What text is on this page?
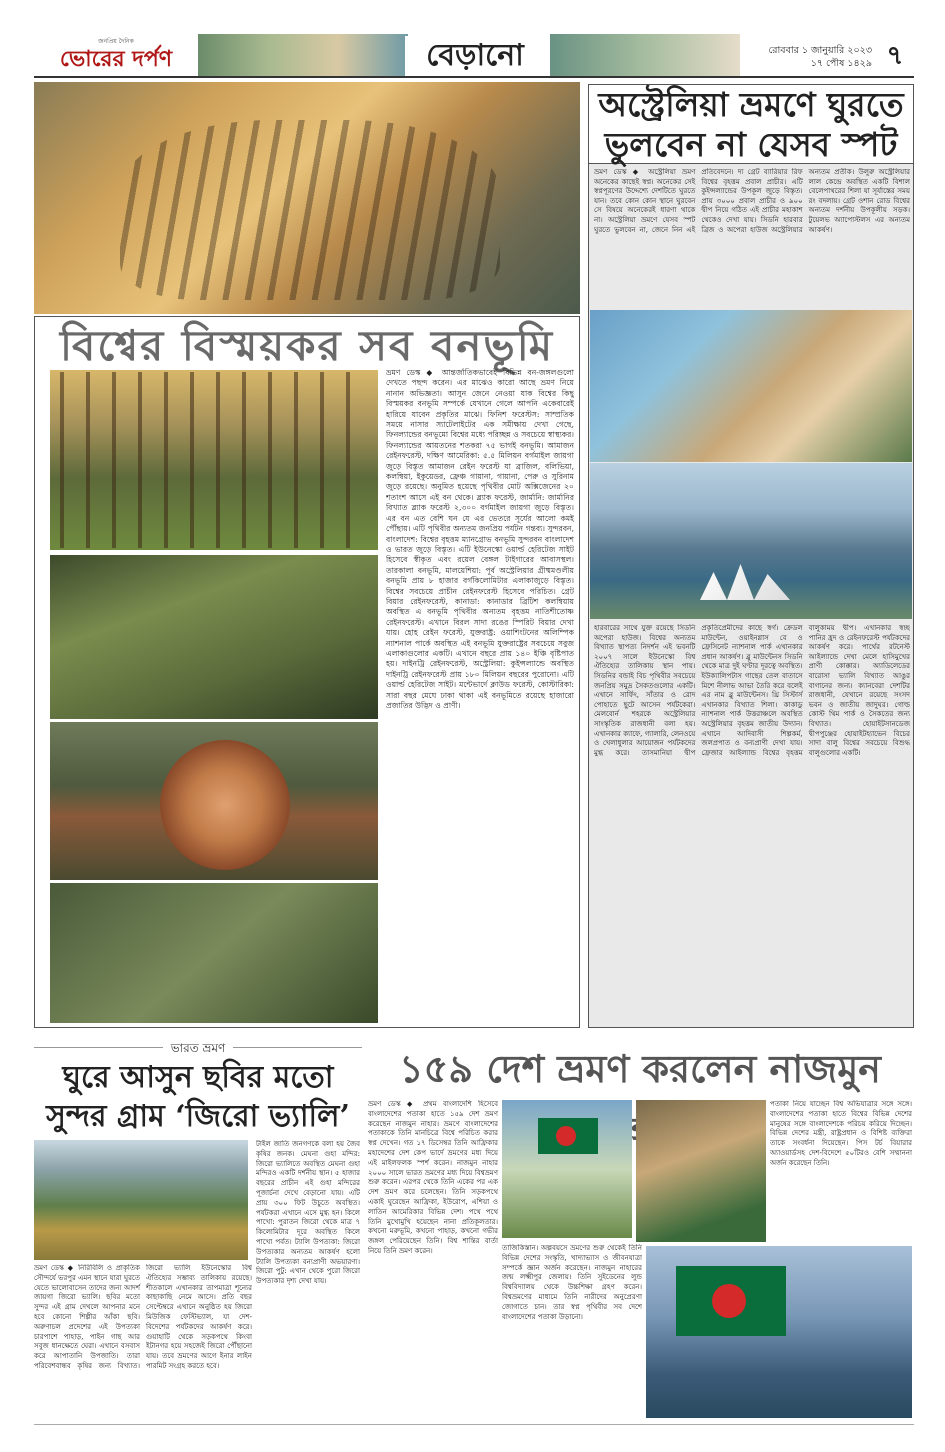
জনপ্রিয় দৈনিক
ভোরের দর্পণ	বেড়ানো	রোববার ১ জানুয়ারি ২০২৩
১৭ পৌষ ১৪২৯ ৭
বিশ্বের বিস্ময়কর সব বনভূমি
ভ্রমণ ডেস্ক ◆ আন্তর্জাতিকভাবেই বিভিন্ন বন-জঙ্গলগুলো দেখতে পছন্দ করেন। এর মাঝেও কারো আছে ভ্রমণ নিয়ে নানান অভিজ্ঞতা। আসুন জেনে নেওয়া যাক বিশ্বের কিছু বিস্ময়কর বনভূমি সম্পর্কে যেখানে গেলে আপনি একেবারেই হারিয়ে যাবেন প্রকৃতির মাঝে। ফিনিশ ফরেস্টস: সাম্প্রতিক সময়ে নাসার স্যাটেলাইটের এক সমীক্ষায় দেখা গেছে, ফিনল্যান্ডের বনভূমো বিশ্বের মধ্যে পরিচ্ছন্ন ও সবচেয়ে স্বাস্থ্যকর। ফিনল্যান্ডের আয়তনের শতকরা ৭৫ ভাগই বনভূমি। আমাজন রেইনফরেস্ট, দক্ষিণ আমেরিকা: ৫.৫ মিলিয়ন বর্গমাইল জায়গা জুড়ে বিস্তৃত আমাজন রেইন ফরেস্ট যা ব্রাজিল, বলিভিয়া, কলম্বিয়া, ইকুয়েডর, ফ্রেঞ্চ গায়ানা, গায়ানা, পেরু ও সুরিনাম জুড়ে রয়েছে। অনুমিত হয়েছে পৃথিবীর মোট অক্সিজেনের ২০ শতাংশ আসে এই বন থেকে। ব্ল্যাক ফরেস্ট, জার্মানি: জার্মানির বিখ্যাত ব্ল্যাক ফরেস্ট ২,৩০০ বর্গমাইল জায়গা জুড়ে বিস্তৃত। এর বন এত বেশি ঘন যে এর ভেতরে সূর্যের আলো কমই পৌঁছায়। এটি পৃথিবীর অন্যতম জনপ্রিয় পর্যটন গন্তব্য। সুন্দরবন, বাংলাদেশ: বিশ্বের বৃহত্তম ম্যানগ্রোভ বনভূমি সুন্দরবন বাংলাদেশ ও ভারত জুড়ে বিস্তৃত। এটি ইউনেস্কো ওয়ার্ল্ড হেরিটেজ সাইট হিসেবে স্বীকৃত এবং রয়েল বেঙ্গল টাইগারের আবাসস্থল। তারকালা বনভূমি, মালয়েশিয়া: পূর্ব অস্ট্রেলিয়ার গ্রীষ্মমণ্ডলীয় বনভূমি প্রায় ৮ হাজার বর্গকিলোমিটার এলাকাজুড়ে বিস্তৃত। বিশ্বের সবচেয়ে প্রাচীন রেইনফরেস্ট হিসেবে পরিচিত। গ্রেট বিয়ার রেইনফরেস্ট, কানাডা: কানাডার ব্রিটিশ কলম্বিয়ায় অবস্থিত এ বনভূমি পৃথিবীর অন্যতম বৃহত্তম নাতিশীতোষ্ণ রেইনফরেস্ট। এখানে বিরল সাদা রঙের স্পিরিট বিয়ার দেখা যায়। হোহ রেইন ফরেস্ট, যুক্তরাষ্ট্র: ওয়াশিংটনের অলিম্পিক ন্যাশনাল পার্কে অবস্থিত এই বনভূমি যুক্তরাষ্ট্রের সবচেয়ে সবুজ এলাকাগুলোর একটি। এখানে বছরে প্রায় ১৪০ ইঞ্চি বৃষ্টিপাত হয়। দাইনট্রি রেইনফরেস্ট, অস্ট্রেলিয়া: কুইন্সল্যান্ডে অবস্থিত দাইনট্রি রেইনফরেস্ট প্রায় ১৮০ মিলিয়ন বছরের পুরোনো। এটি ওয়ার্ল্ড হেরিটেজ সাইট। মন্টেভার্দে ক্লাউড ফরেস্ট, কোস্টারিকা: সারা বছর মেঘে ঢাকা থাকা এই বনভূমিতে রয়েছে হাজারো প্রজাতির উদ্ভিদ ও প্রাণী।
অস্ট্রেলিয়া ভ্রমণে ঘুরতে ভুলবেন না যেসব স্পট
ভ্রমণ ডেস্ক ◆ অস্ট্রেলিয়া ভ্রমণ অনেকের কাছেই স্বপ্ন। অনেকের সেই স্বপ্নপূরণের উদ্দেশ্যে দেশটিতে ঘুরতে যান। তবে কোন কোন স্থানে ঘুরবেন সে বিষয়ে অনেকেরই ধারণা থাকে না। অস্ট্রেলিয়া ভ্রমণে যেসব স্পট ঘুরতে ভুলবেন না, জেনে নিন এই প্রতিবেদনে। দ্য গ্রেট ব্যারিয়ার রিফ বিশ্বের বৃহত্তম প্রবাল প্রাচীর। এটি কুইন্সল্যান্ডের উপকূল জুড়ে বিস্তৃত। প্রায় ৩০০০ প্রবাল প্রাচীর ও ৯০০ দ্বীপ নিয়ে গঠিত এই প্রাচীর মহাকাশ থেকেও দেখা যায়। সিডনি হারবার ব্রিজ ও অপেরা হাউজ অস্ট্রেলিয়ার অন্যতম প্রতীক। উলুরু অস্ট্রেলিয়ার লাল কেন্দ্রে অবস্থিত একটি বিশাল বেলেপাথরের শিলা যা সূর্যাস্তের সময় রং বদলায়। গ্রেট ওশান রোড বিশ্বের অন্যতম দর্শনীয় উপকূলীয় সড়ক। টুয়েলভ অ্যাপোস্টলস এর অন্যতম আকর্ষণ।
হারবারের সাথে যুক্ত রয়েছে সিডনি অপেরা হাউজ। বিশ্বের অন্যতম বিখ্যাত স্থাপত্য নিদর্শন এই ভবনটি ২০০৭ সালে ইউনেস্কো বিশ্ব ঐতিহ্যের তালিকায় স্থান পায়। সিডনির বন্ডাই বিচ পৃথিবীর সবচেয়ে জনপ্রিয় সমুদ্র সৈকতগুলোর একটি। এখানে সার্ফিং, সাঁতার ও রোদ পোহাতে ছুটে আসেন পর্যটকেরা। মেলবোর্ন শহরকে অস্ট্রেলিয়ার সাংস্কৃতিক রাজধানী বলা হয়। এখানকার ক্যাফে, গ্যালারি, লেনওয়ে ও খেলাধুলার আয়োজন পর্যটকদের মুগ্ধ করে। তাসমানিয়া দ্বীপ প্রকৃতিপ্রেমীদের কাছে স্বর্গ। ক্রেডল মাউন্টেন, ওয়াইনগ্লাস বে ও ফ্রেসিনেট ন্যাশনাল পার্ক এখানকার প্রধান আকর্ষণ। ব্লু মাউন্টেনস সিডনি থেকে মাত্র দুই ঘণ্টার দূরত্বে অবস্থিত। ইউক্যালিপটাস গাছের তেল বাতাসে মিশে নীলাভ আভা তৈরি করে বলেই এর নাম ব্লু মাউন্টেনস। থ্রি সিস্টার্স এখানকার বিখ্যাত শিলা। কাকাডু ন্যাশনাল পার্ক উত্তরাঞ্চলে অবস্থিত অস্ট্রেলিয়ার বৃহত্তম জাতীয় উদ্যান। এখানে আদিবাসী শিল্পকর্ম, জলপ্রপাত ও বন্যপ্রাণী দেখা যায়। ফ্রেজার আইল্যান্ড বিশ্বের বৃহত্তম বালুকাময় দ্বীপ। এখানকার স্বচ্ছ পানির হ্রদ ও রেইনফরেস্ট পর্যটকদের আকর্ষণ করে। পার্থের রটনেস্ট আইল্যান্ডে দেখা মেলে হাসিমুখের প্রাণী কোক্কার। অ্যাডিলেডের বারোসা ভ্যালি বিখ্যাত আঙুর বাগানের জন্য। ক্যানবেরা দেশটির রাজধানী, যেখানে রয়েছে সংসদ ভবন ও জাতীয় জাদুঘর। গোল্ড কোস্ট থিম পার্ক ও সৈকতের জন্য বিখ্যাত। হোয়াইটসানডেজ দ্বীপপুঞ্জের হোয়াইটহ্যাভেন বিচের সাদা বালু বিশ্বের সবচেয়ে বিশুদ্ধ বালুগুলোর একটি।
ভারত ভ্রমণ
ঘুরে আসুন ছবির মতো সুন্দর গ্রাম ‘জিরো ভ্যালি’
টাইল জাতি জনগণকে বলা হয় জৈব কৃষির জনক। মেঘনা গুহা মন্দির: জিরো ভ্যালিতে অবস্থিত মেঘনা গুহা মন্দিরও একটি দর্শনীয় স্থান। ৫ হাজার বছরের প্রাচীন এই গুহা মন্দিরের পূজার্চনা দেখে বেড়ানো যায়। এটি প্রায় ৩০০ ফিট উচুতে অবস্থিত। পর্যটকরা এখানে এসে মুগ্ধ হন। কিলে পাখো: পুরাতন জিরো থেকে মাত্র ৭ কিলোমিটার দূরে অবস্থিত কিলে পাখো পর্বত। ট্যালি উপত্যকা: জিরো উপত্যকার অন্যতম আকর্ষণ হলো ট্যালি উপত্যকা বন্যপ্রাণী অভয়ারণ্য। জিরো পুটু: এখান থেকে পুরো জিরো উপত্যকার দৃশ্য দেখা যায়।
ভ্রমণ ডেস্ক ◆ নিরিবিলি ও প্রাকৃতিক সৌন্দর্যে ভরপুর এমন স্থানে যারা ঘুরতে যেতে ভালোবাসেন তাদের জন্য আদর্শ জায়গা জিরো ভ্যালি। ছবির মতো সুন্দর এই গ্রাম দেখলে আপনার মনে হবে কোনো শিল্পীর আঁকা ছবি। অরুণাচল প্রদেশের এই উপত্যকা চারপাশে পাহাড়, পাইন গাছ আর সবুজ ধানক্ষেতে ঘেরা। এখানে বসবাস করে আপাতানি উপজাতি। তারা পরিবেশবান্ধব কৃষির জন্য বিখ্যাত। জিরো ভ্যালি ইউনেস্কোর বিশ্ব ঐতিহ্যের সম্ভাব্য তালিকায় রয়েছে। শীতকালে এখানকার তাপমাত্রা শূন্যের কাছাকাছি নেমে আসে। প্রতি বছর সেপ্টেম্বরে এখানে অনুষ্ঠিত হয় জিরো মিউজিক ফেস্টিভ্যাল, যা দেশ-বিদেশের পর্যটকদের আকর্ষণ করে। গুয়াহাটি থেকে সড়কপথে কিংবা ইটানগর হয়ে সহজেই জিরো পৌঁছানো যায়। তবে ভ্রমণের আগে ইনার লাইন পারমিট সংগ্রহ করতে হবে।
১৫৯ দেশ ভ্রমণ করলেন নাজমুন
ভ্রমণ ডেস্ক ◆ প্রথম বাংলাদেশি হিসেবে বাংলাদেশের পতাকা হাতে ১৫৯ দেশ ভ্রমণ করেছেন নাজমুন নাহার। ভ্রমণে বাংলাদেশের পতাকাকে তিনি মানচিত্রে বিশ্বে পরিচিত করার স্বপ্ন দেখেন। গত ১৭ ডিসেম্বর তিনি আফ্রিকার মহাদেশের দেশ কেপ ভার্দে ভ্রমণের মধ্য দিয়ে এই মাইলফলক স্পর্শ করেন। নাজমুন নাহার ২০০০ সালে ভারত ভ্রমণের মধ্য দিয়ে বিশ্বভ্রমণ শুরু করেন। এরপর থেকে তিনি একের পর এক দেশ ভ্রমণ করে চলেছেন। তিনি সড়কপথে একাই ঘুরেছেন আফ্রিকা, ইউরোপ, এশিয়া ও লাতিন আমেরিকার বিভিন্ন দেশ। পথে পথে তিনি মুখোমুখি হয়েছেন নানা প্রতিকূলতার। কখনো মরুভূমি, কখনো পাহাড়, কখনো গভীর জঙ্গল পেরিয়েছেন তিনি। বিশ্ব শান্তির বার্তা নিয়ে তিনি ভ্রমণ করেন।
পতাকা নিয়ে যাচ্ছেন বিশ্ব অভিযাত্রার সঙ্গে সঙ্গে। বাংলাদেশের পতাকা হাতে বিশ্বের বিভিন্ন দেশের মানুষের সঙ্গে বাংলাদেশকে পরিচয় করিয়ে দিচ্ছেন। বিভিন্ন দেশের মন্ত্রী, রাষ্ট্রপ্রধান ও বিশিষ্ট ব্যক্তিরা তাকে সংবর্ধনা দিয়েছেন। পিস টর্চ বিয়ারার অ্যাওয়ার্ডসহ দেশ-বিদেশে ৫০টিরও বেশি সম্মাননা অর্জন করেছেন তিনি।
তাজিকিস্তান। অল্পবয়সে ভ্রমণের শুরু থেকেই তিনি বিভিন্ন দেশের সংস্কৃতি, খাদ্যাভ্যাস ও জীবনযাত্রা সম্পর্কে জ্ঞান অর্জন করেছেন। নাজমুন নাহারের জন্ম লক্ষ্মীপুর জেলায়। তিনি সুইডেনের লুন্ড বিশ্ববিদ্যালয় থেকে উচ্চশিক্ষা গ্রহণ করেন। বিশ্বভ্রমণের মাধ্যমে তিনি নারীদের অনুপ্রেরণা জোগাতে চান। তার স্বপ্ন পৃথিবীর সব দেশে বাংলাদেশের পতাকা উড়ানো।
